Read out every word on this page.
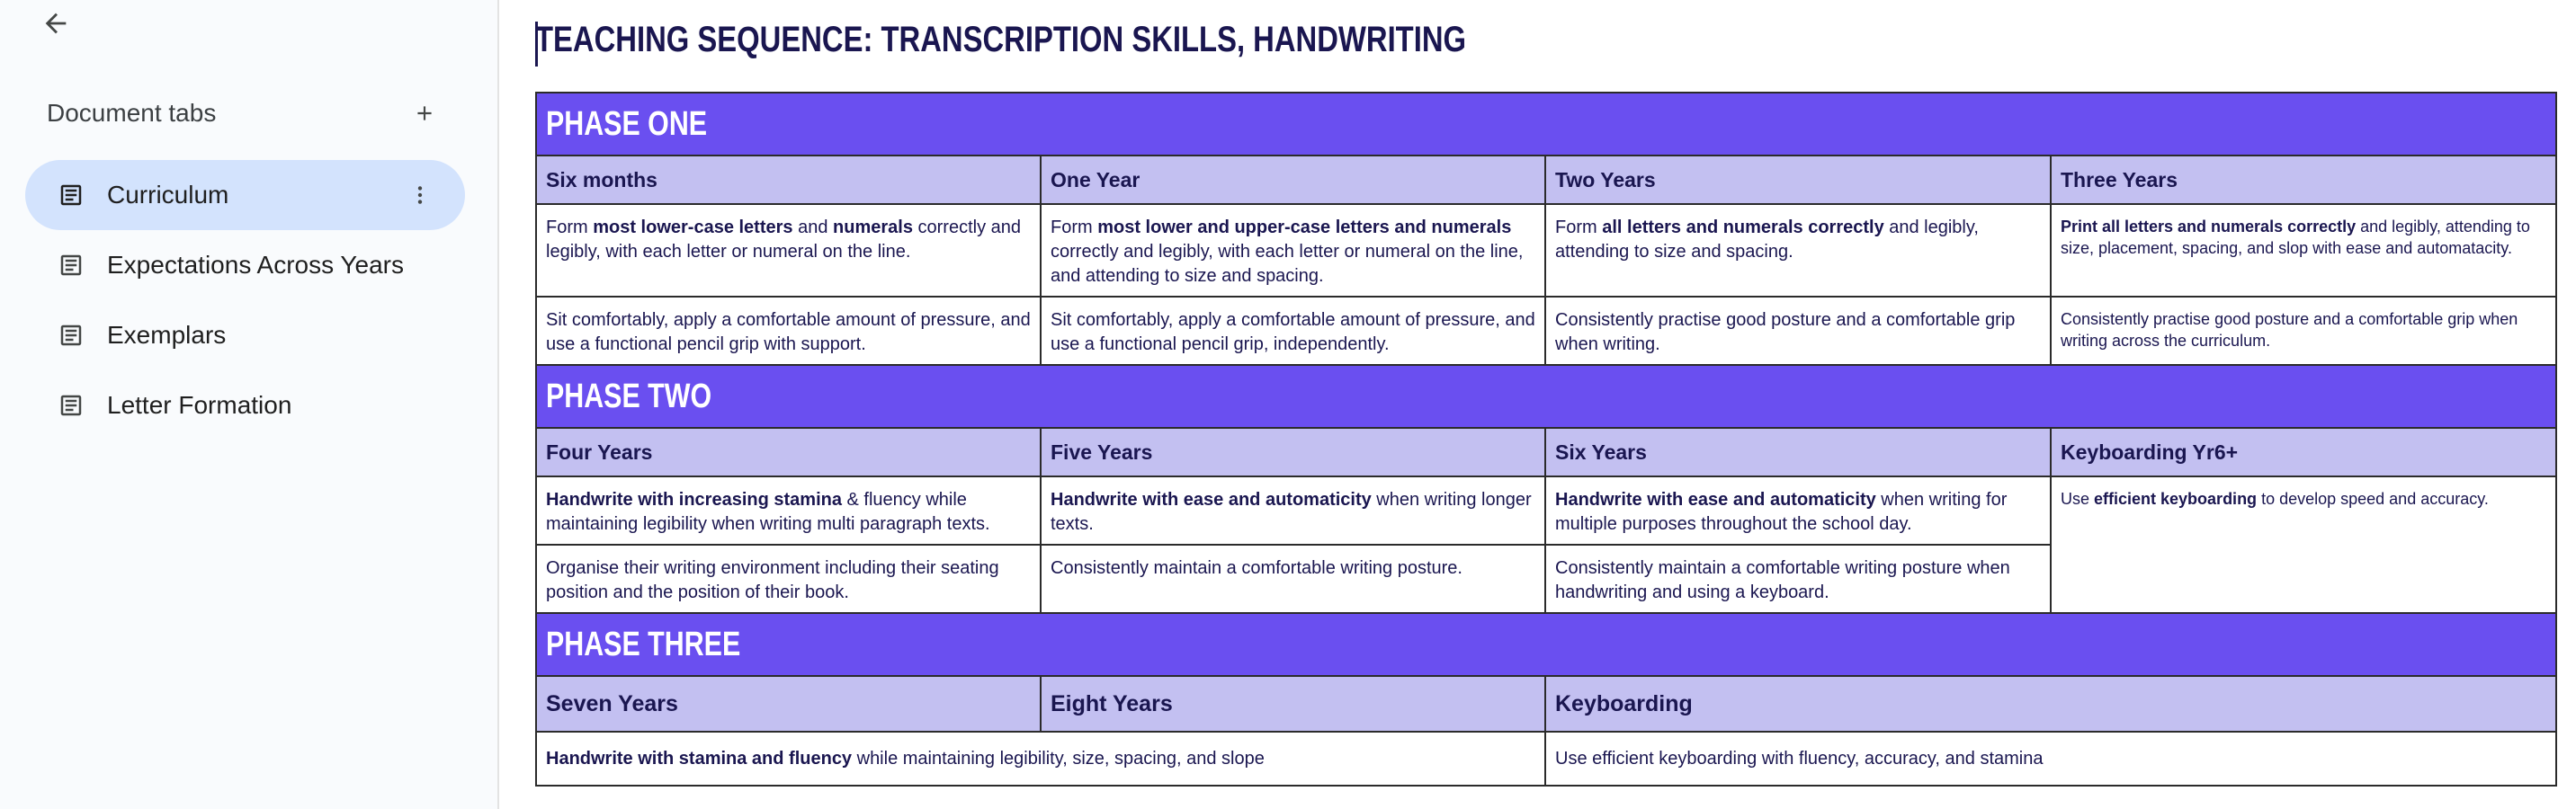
Document tabs
Curriculum
Expectations Across Years
Exemplars
Letter Formation
TEACHING SEQUENCE: TRANSCRIPTION SKILLS, HANDWRITING
PHASE ONE			
Six months	One Year	Two Years	Three Years
Form most lower-case letters and numerals correctly and legibly, with each letter or numeral on the line.	Form most lower and upper-case letters and numerals correctly and legibly, with each letter or numeral on the line, and attending to size and spacing.	Form all letters and numerals correctly and legibly, attending to size and spacing.	Print all letters and numerals correctly and legibly, attending to size, placement, spacing, and slop with ease and automatacity.
Sit comfortably, apply a comfortable amount of pressure, and use a functional pencil grip with support.	Sit comfortably, apply a comfortable amount of pressure, and use a functional pencil grip, independently.	Consistently practise good posture and a comfortable grip when writing.	Consistently practise good posture and a comfortable grip when writing across the curriculum.
PHASE TWO			
Four Years	Five Years	Six Years	Keyboarding Yr6+
Handwrite with increasing stamina & fluency while maintaining legibility when writing multi paragraph texts.	Handwrite with ease and automaticity when writing longer texts.	Handwrite with ease and automaticity when writing for multiple purposes throughout the school day.	Use efficient keyboarding to develop speed and accuracy.
Organise their writing environment including their seating position and the position of their book.	Consistently maintain a comfortable writing posture.	Consistently maintain a comfortable writing posture when handwriting and using a keyboard.	
PHASE THREE			
Seven Years	Eight Years	Keyboarding	
Handwrite with stamina and fluency while maintaining legibility, size, spacing, and slope		Use efficient keyboarding with fluency, accuracy, and stamina	
